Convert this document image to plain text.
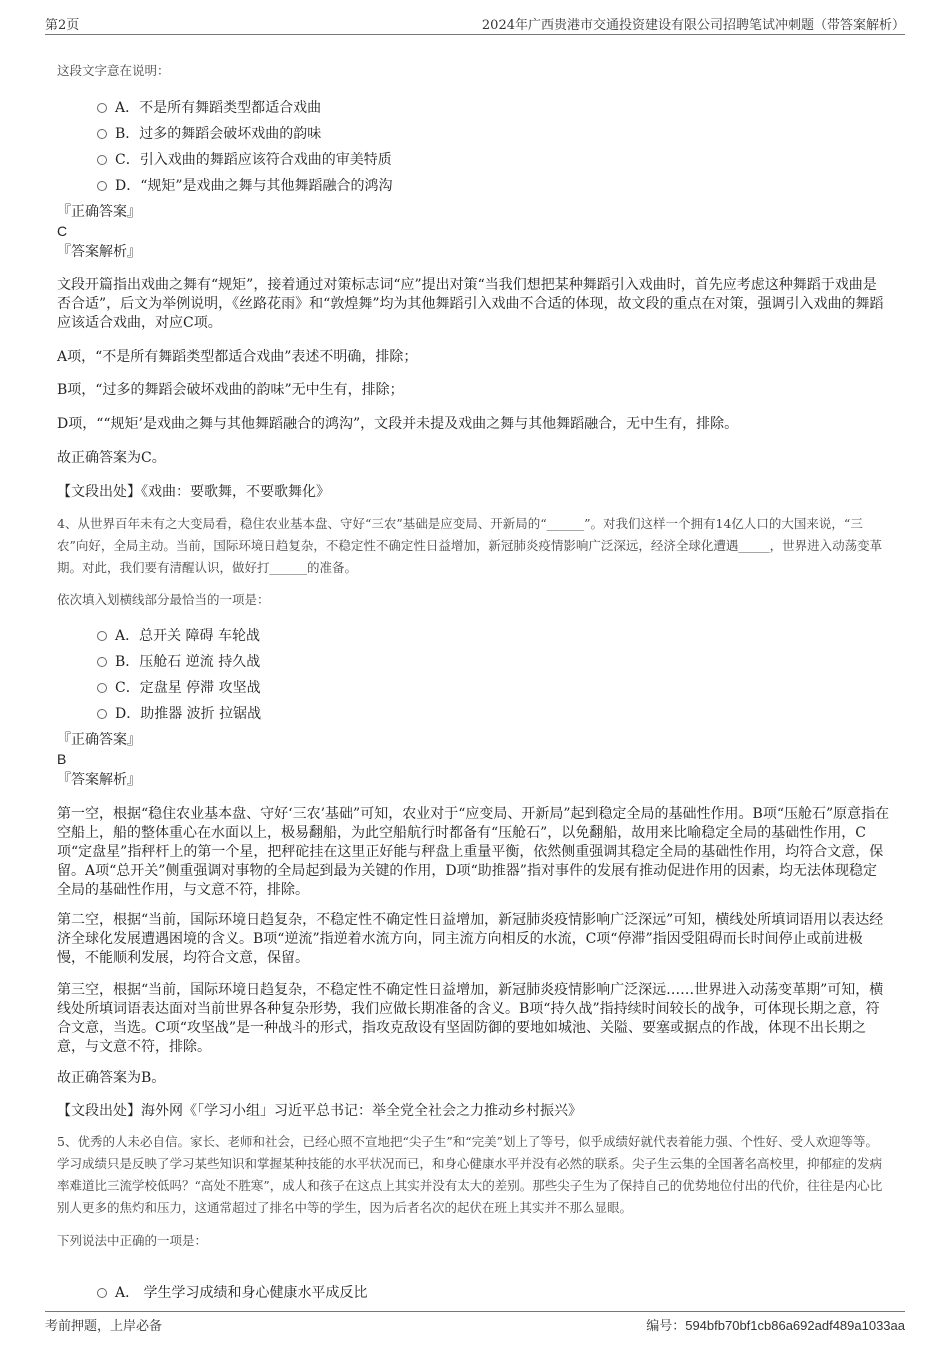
第2页	2024年广西贵港市交通投资建设有限公司招聘笔试冲刺题（带答案解析）
这段文字意在说明：
A．不是所有舞蹈类型都适合戏曲
B．过多的舞蹈会破坏戏曲的韵味
C．引入戏曲的舞蹈应该符合戏曲的审美特质
D．“规矩”是戏曲之舞与其他舞蹈融合的鸿沟
『正确答案』
C
『答案解析』

文段开篇指出戏曲之舞有“规矩”，接着通过对策标志词“应”提出对策“当我们想把某种舞蹈引入戏曲时，首先应考虑这种舞蹈于戏曲是否合适”，后文为举例说明，《丝路花雨》和“敦煌舞”均为其他舞蹈引入戏曲不合适的体现，故文段的重点在对策，强调引入戏曲的舞蹈应该适合戏曲，对应C项。

A项，“不是所有舞蹈类型都适合戏曲”表述不明确，排除；

B项，“过多的舞蹈会破坏戏曲的韵味”无中生有，排除；

D项，““规矩’是戏曲之舞与其他舞蹈融合的鸿沟”，文段并未提及戏曲之舞与其他舞蹈融合，无中生有，排除。

故正确答案为C。

【文段出处】《戏曲：要歌舞，不要歌舞化》

4、从世界百年未有之大变局看，稳住农业基本盘、守好“三农”基础是应变局、开新局的“______”。对我们这样一个拥有14亿人口的大国来说，“三农”向好，全局主动。当前，国际环境日趋复杂，不稳定性不确定性日益增加，新冠肺炎疫情影响广泛深远，经济全球化遭遇_____，世界进入动荡变革期。对此，我们要有清醒认识，做好打______的准备。
依次填入划横线部分最恰当的一项是：
A．总开关 障碍 车轮战
B．压舱石 逆流 持久战
C．定盘星 停滞 攻坚战
D．助推器 波折 拉锯战
『正确答案』
B
『答案解析』

第一空，根据“稳住农业基本盘、守好‘三农’基础”可知，农业对于“应变局、开新局”起到稳定全局的基础性作用。B项“压舱石”原意指在空船上，船的整体重心在水面以上，极易翻船，为此空船航行时都备有“压舱石”，以免翻船，故用来比喻稳定全局的基础性作用，C项“定盘星”指秤杆上的第一个星，把秤砣挂在这里正好能与秤盘上重量平衡，依然侧重强调其稳定全局的基础性作用，均符合文意，保留。A项“总开关”侧重强调对事物的全局起到最为关键的作用，D项“助推器”指对事件的发展有推动促进作用的因素，均无法体现稳定全局的基础性作用，与文意不符，排除。

第二空，根据“当前，国际环境日趋复杂，不稳定性不确定性日益增加，新冠肺炎疫情影响广泛深远”可知，横线处所填词语用以表达经济全球化发展遭遇困境的含义。B项“逆流”指逆着水流方向，同主流方向相反的水流，C项“停滞”指因受阻碍而长时间停止或前进极慢，不能顺利发展，均符合文意，保留。

第三空，根据“当前，国际环境日趋复杂，不稳定性不确定性日益增加，新冠肺炎疫情影响广泛深远……世界进入动荡变革期”可知，横线处所填词语表达面对当前世界各种复杂形势，我们应做长期准备的含义。B项“持久战”指持续时间较长的战争，可体现长期之意，符合文意，当选。C项“攻坚战”是一种战斗的形式，指攻克敌设有坚固防御的要地如城池、关隘、要塞或据点的作战，体现不出长期之意，与文意不符，排除。

故正确答案为B。

【文段出处】海外网《「学习小组」习近平总书记：举全党全社会之力推动乡村振兴》

5、优秀的人未必自信。家长、老师和社会，已经心照不宣地把“尖子生”和“完美”划上了等号，似乎成绩好就代表着能力强、个性好、受人欢迎等等。学习成绩只是反映了学习某些知识和掌握某种技能的水平状况而已，和身心健康水平并没有必然的联系。尖子生云集的全国著名高校里，抑郁症的发病率难道比三流学校低吗？“高处不胜寒”，成人和孩子在这点上其实并没有太大的差别。那些尖子生为了保持自己的优势地位付出的代价，往往是内心比别人更多的焦灼和压力，这通常超过了排名中等的学生，因为后者名次的起伏在班上其实并不那么显眼。
下列说法中正确的一项是：
A． 学生学习成绩和身心健康水平成反比
考前押题，上岸必备	编号：594bfb70bf1cb86a692adf489a1033aa
